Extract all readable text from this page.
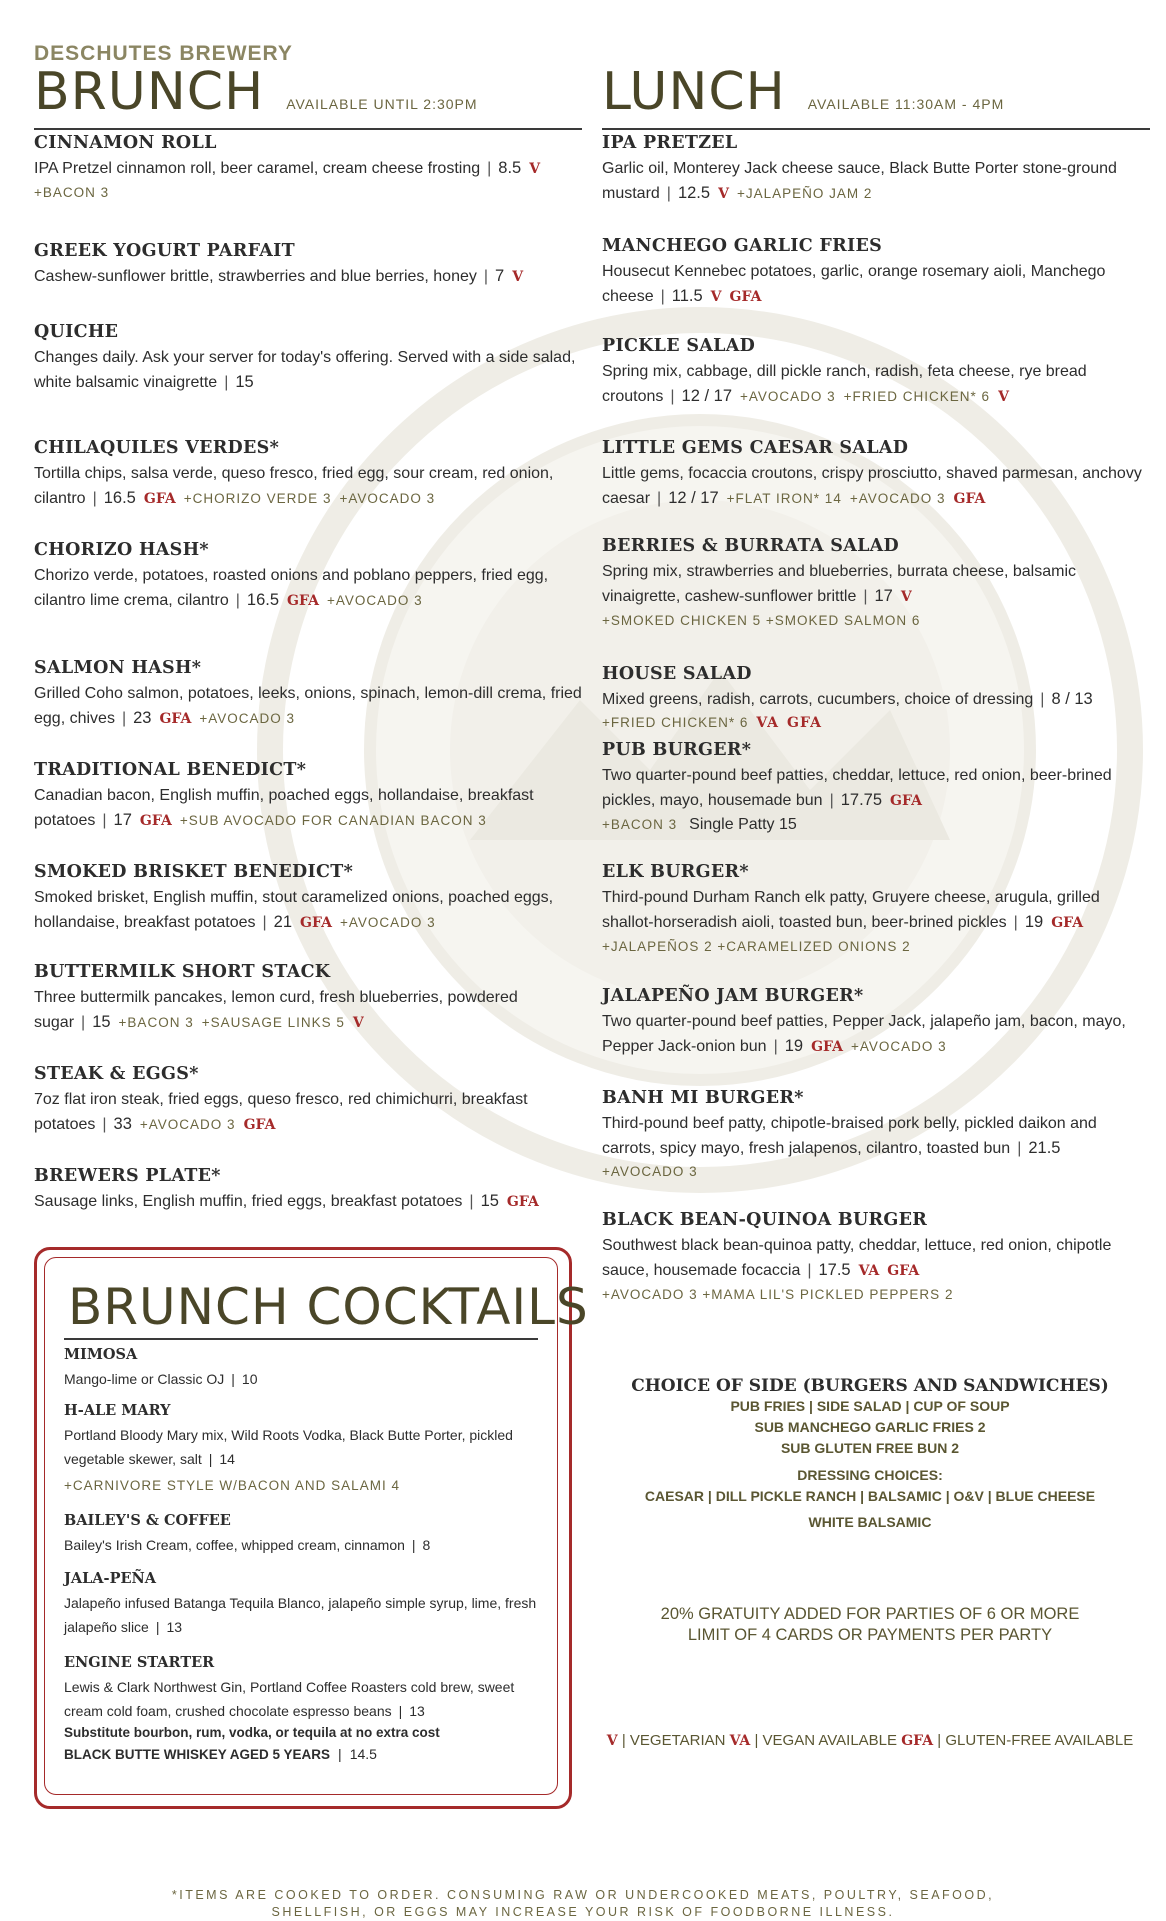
DESCHUTES BREWERY
BRUNCH AVAILABLE UNTIL 2:30PM LUNCH AVAILABLE 11:30AM - 4PM
CINNAMON ROLL
IPA Pretzel cinnamon roll, beer caramel, cream cheese frosting | 8.5 V
+BACON 3
GREEK YOGURT PARFAIT
Cashew-sunflower brittle, strawberries and blue berries, honey | 7 V
QUICHE
Changes daily. Ask your server for today's offering. Served with a side salad, white balsamic vinaigrette | 15
CHILAQUILES VERDES*
Tortilla chips, salsa verde, queso fresco, fried egg, sour cream, red onion, cilantro | 16.5 GFA +CHORIZO VERDE 3 +AVOCADO 3
CHORIZO HASH*
Chorizo verde, potatoes, roasted onions and poblano peppers, fried egg, cilantro lime crema, cilantro | 16.5 GFA +AVOCADO 3
SALMON HASH*
Grilled Coho salmon, potatoes, leeks, onions, spinach, lemon-dill crema, fried egg, chives | 23 GFA +AVOCADO 3
TRADITIONAL BENEDICT*
Canadian bacon, English muffin, poached eggs, hollandaise, breakfast potatoes | 17 GFA +SUB AVOCADO FOR CANADIAN BACON 3
SMOKED BRISKET BENEDICT*
Smoked brisket, English muffin, stout caramelized onions, poached eggs, hollandaise, breakfast potatoes | 21 GFA +AVOCADO 3
BUTTERMILK SHORT STACK
Three buttermilk pancakes, lemon curd, fresh blueberries, powdered sugar | 15 +BACON 3 +SAUSAGE LINKS 5 V
STEAK & EGGS*
7oz flat iron steak, fried eggs, queso fresco, red chimichurri, breakfast potatoes | 33 +AVOCADO 3 GFA
BREWERS PLATE*
Sausage links, English muffin, fried eggs, breakfast potatoes | 15 GFA
IPA PRETZEL
Garlic oil, Monterey Jack cheese sauce, Black Butte Porter stone-ground mustard | 12.5 V +JALAPEÑO JAM 2
MANCHEGO GARLIC FRIES
Housecut Kennebec potatoes, garlic, orange rosemary aioli, Manchego cheese | 11.5 V GFA
PICKLE SALAD
Spring mix, cabbage, dill pickle ranch, radish, feta cheese, rye bread croutons | 12 / 17 +AVOCADO 3 +FRIED CHICKEN* 6 V
LITTLE GEMS CAESAR SALAD
Little gems, focaccia croutons, crispy prosciutto, shaved parmesan, anchovy caesar | 12 / 17 +FLAT IRON* 14 +AVOCADO 3 GFA
BERRIES & BURRATA SALAD
Spring mix, strawberries and blueberries, burrata cheese, balsamic vinaigrette, cashew-sunflower brittle | 17 V
+SMOKED CHICKEN 5 +SMOKED SALMON 6
HOUSE SALAD
Mixed greens, radish, carrots, cucumbers, choice of dressing | 8 / 13
+FRIED CHICKEN* 6 VA GFA
PUB BURGER*
Two quarter-pound beef patties, cheddar, lettuce, red onion, beer-brined pickles, mayo, housemade bun | 17.75 GFA
+BACON 3 Single Patty 15
ELK BURGER*
Third-pound Durham Ranch elk patty, Gruyere cheese, arugula, grilled shallot-horseradish aioli, toasted bun, beer-brined pickles | 19 GFA
+JALAPEÑOS 2 +CARAMELIZED ONIONS 2
JALAPEÑO JAM BURGER*
Two quarter-pound beef patties, Pepper Jack, jalapeño jam, bacon, mayo, Pepper Jack-onion bun | 19 GFA +AVOCADO 3
BANH MI BURGER*
Third-pound beef patty, chipotle-braised pork belly, pickled daikon and carrots, spicy mayo, fresh jalapenos, cilantro, toasted bun | 21.5
+AVOCADO 3
BLACK BEAN-QUINOA BURGER
Southwest black bean-quinoa patty, cheddar, lettuce, red onion, chipotle sauce, housemade focaccia | 17.5 VA GFA
+AVOCADO 3 +MAMA LIL'S PICKLED PEPPERS 2
BRUNCH COCKTAILS
MIMOSA
Mango-lime or Classic OJ | 10
H-ALE MARY
Portland Bloody Mary mix, Wild Roots Vodka, Black Butte Porter, pickled vegetable skewer, salt | 14
+CARNIVORE STYLE W/BACON AND SALAMI 4
BAILEY'S & COFFEE
Bailey's Irish Cream, coffee, whipped cream, cinnamon | 8
JALA-PEÑA
Jalapeño infused Batanga Tequila Blanco, jalapeño simple syrup, lime, fresh jalapeño slice | 13
ENGINE STARTER
Lewis & Clark Northwest Gin, Portland Coffee Roasters cold brew, sweet cream cold foam, crushed chocolate espresso beans | 13
Substitute bourbon, rum, vodka, or tequila at no extra cost
BLACK BUTTE WHISKEY AGED 5 YEARS | 14.5
CHOICE OF SIDE (BURGERS AND SANDWICHES)
PUB FRIES | SIDE SALAD | CUP OF SOUP
SUB MANCHEGO GARLIC FRIES 2
SUB GLUTEN FREE BUN 2
DRESSING CHOICES:
CAESAR | DILL PICKLE RANCH | BALSAMIC | O&V | BLUE CHEESE
WHITE BALSAMIC
20% GRATUITY ADDED FOR PARTIES OF 6 OR MORE
LIMIT OF 4 CARDS OR PAYMENTS PER PARTY
V | VEGETARIAN VA | VEGAN AVAILABLE GFA | GLUTEN-FREE AVAILABLE
*ITEMS ARE COOKED TO ORDER. CONSUMING RAW OR UNDERCOOKED MEATS, POULTRY, SEAFOOD,
SHELLFISH, OR EGGS MAY INCREASE YOUR RISK OF FOODBORNE ILLNESS.
